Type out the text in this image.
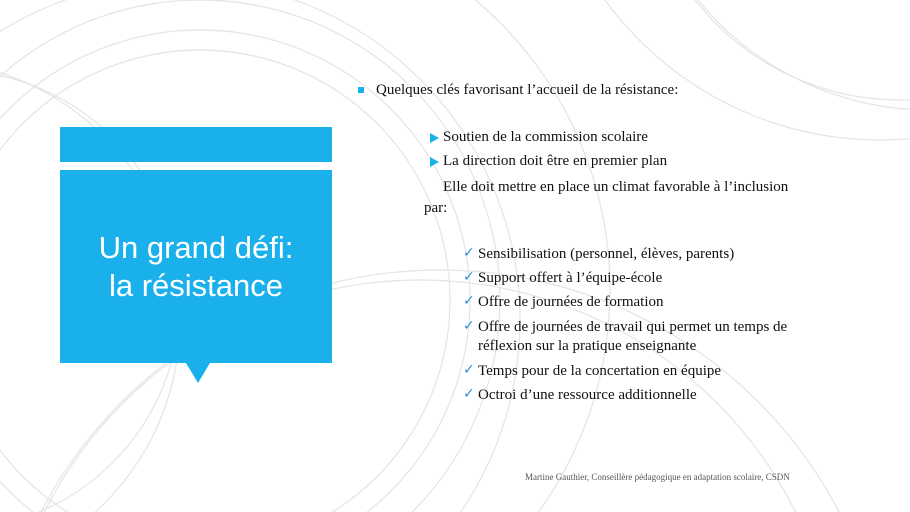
Un grand défi:
la résistance
Quelques clés favorisant l’accueil de la résistance:
Soutien de la commission scolaire
La direction doit être en premier plan
Elle doit mettre en place un climat favorable à l’inclusion
par:
✓ Sensibilisation (personnel, élèves, parents)
✓ Support offert à l’équipe-école
✓ Offre de journées de formation
✓ Offre de journées de travail qui permet un temps de
réflexion sur la pratique enseignante
✓ Temps pour de la concertation en équipe
✓ Octroi d’une ressource additionnelle
Martine Gauthier, Conseillère pédagogique en adaptation scolaire, CSDN
